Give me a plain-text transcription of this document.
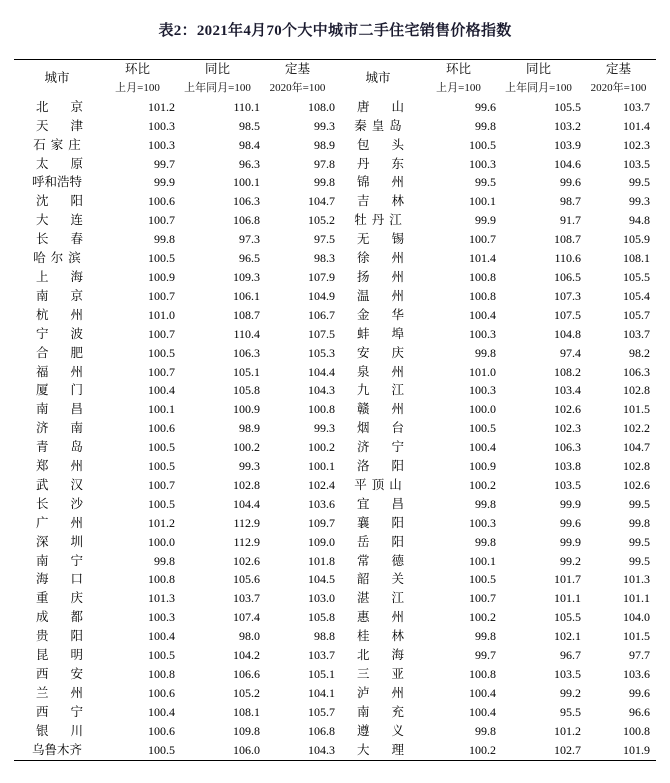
表2：2021年4月70个大中城市二手住宅销售价格指数
城市	环比	同比	定基	城市	环比	同比	定基
	上月=100	上年同月=100	2020年=100		上月=100	上年同月=100	2020年=100
北京	101.2	110.1	108.0	唐山	99.6	105.5	103.7
天津	100.3	98.5	99.3	秦皇岛	99.8	103.2	101.4
石家庄	100.3	98.4	98.9	包头	100.5	103.9	102.3
太原	99.7	96.3	97.8	丹东	100.3	104.6	103.5
呼和浩特	99.9	100.1	99.8	锦州	99.5	99.6	99.5
沈阳	100.6	106.3	104.7	吉林	100.1	98.7	99.3
大连	100.7	106.8	105.2	牡丹江	99.9	91.7	94.8
长春	99.8	97.3	97.5	无锡	100.7	108.7	105.9
哈尔滨	100.5	96.5	98.3	徐州	101.4	110.6	108.1
上海	100.9	109.3	107.9	扬州	100.8	106.5	105.5
南京	100.7	106.1	104.9	温州	100.8	107.3	105.4
杭州	101.0	108.7	106.7	金华	100.4	107.5	105.7
宁波	100.7	110.4	107.5	蚌埠	100.3	104.8	103.7
合肥	100.5	106.3	105.3	安庆	99.8	97.4	98.2
福州	100.7	105.1	104.4	泉州	101.0	108.2	106.3
厦门	100.4	105.8	104.3	九江	100.3	103.4	102.8
南昌	100.1	100.9	100.8	赣州	100.0	102.6	101.5
济南	100.6	98.9	99.3	烟台	100.5	102.3	102.2
青岛	100.5	100.2	100.2	济宁	100.4	106.3	104.7
郑州	100.5	99.3	100.1	洛阳	100.9	103.8	102.8
武汉	100.7	102.8	102.4	平顶山	100.2	103.5	102.6
长沙	100.5	104.4	103.6	宜昌	99.8	99.9	99.5
广州	101.2	112.9	109.7	襄阳	100.3	99.6	99.8
深圳	100.0	112.9	109.0	岳阳	99.8	99.9	99.5
南宁	99.8	102.6	101.8	常德	100.1	99.2	99.5
海口	100.8	105.6	104.5	韶关	100.5	101.7	101.3
重庆	101.3	103.7	103.0	湛江	100.7	101.1	101.1
成都	100.3	107.4	105.8	惠州	100.2	105.5	104.0
贵阳	100.4	98.0	98.8	桂林	99.8	102.1	101.5
昆明	100.5	104.2	103.7	北海	99.7	96.7	97.7
西安	100.8	106.6	105.1	三亚	100.8	103.5	103.6
兰州	100.6	105.2	104.1	泸州	100.4	99.2	99.6
西宁	100.4	108.1	105.7	南充	100.4	95.5	96.6
银川	100.6	109.8	106.8	遵义	99.8	101.2	100.8
乌鲁木齐	100.5	106.0	104.3	大理	100.2	102.7	101.9
